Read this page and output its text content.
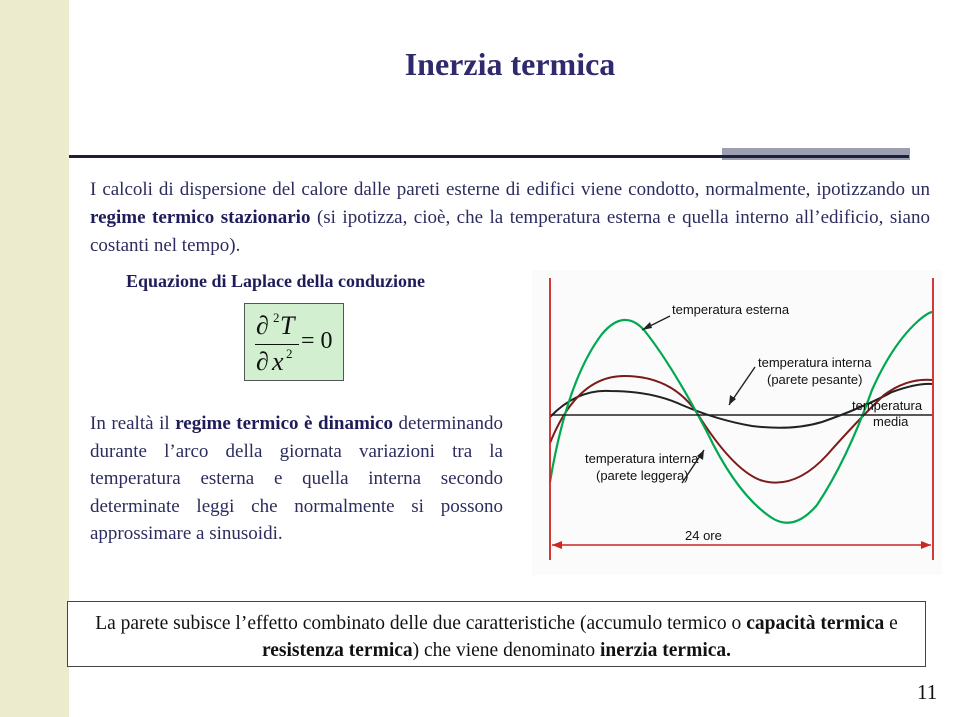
Inerzia termica

I calcoli di dispersione del calore dalle pareti esterne di edifici viene condotto, normalmente, ipotizzando un regime termico stazionario (si ipotizza, cioè, che la temperatura esterna e quella interno all’edificio, siano costanti nel tempo).

Equazione di Laplace della conduzione
∂ 2 T
= 0
∂ x 2

In realtà il regime termico è dinamico determinando durante l’arco della giornata variazioni tra la temperatura esterna e quella interna secondo determinate leggi che normalmente si possono approssimare a sinusoidi.

temperatura esterna
temperatura interna
(parete pesante)
temperatura
media
temperatura interna
(parete leggera)
24 ore

La parete subisce l’effetto combinato delle due caratteristiche (accumulo termico o capacità termica e resistenza termica) che viene denominato inerzia termica.

11
